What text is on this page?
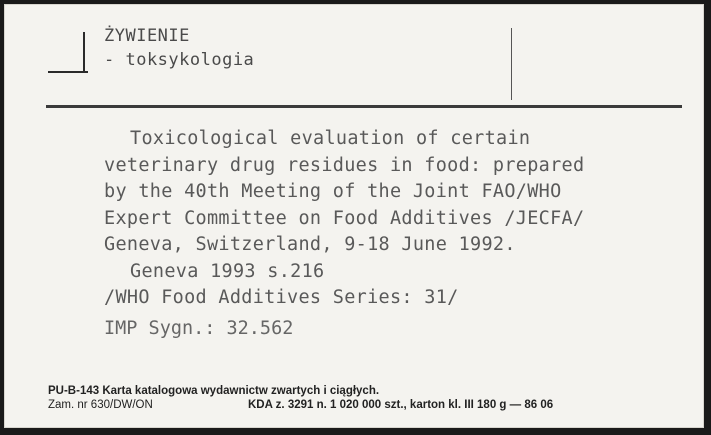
ŻYWIENIE
- toksykologia
Toxicological evaluation of certain
veterinary drug residues in food: prepared
by the 40th Meeting of the Joint FAO/WHO
Expert Committee on Food Additives /JECFA/
Geneva, Switzerland, 9-18 June 1992.
Geneva 1993 s.216
/WHO Food Additives Series: 31/
IMP Sygn.: 32.562
PU-B-143 Karta katalogowa wydawnictw zwartych i ciągłych.
Zam. nr 630/DW/ON	KDA z. 3291 n. 1 020 000 szt., karton kl. III 180 g — 86 06
